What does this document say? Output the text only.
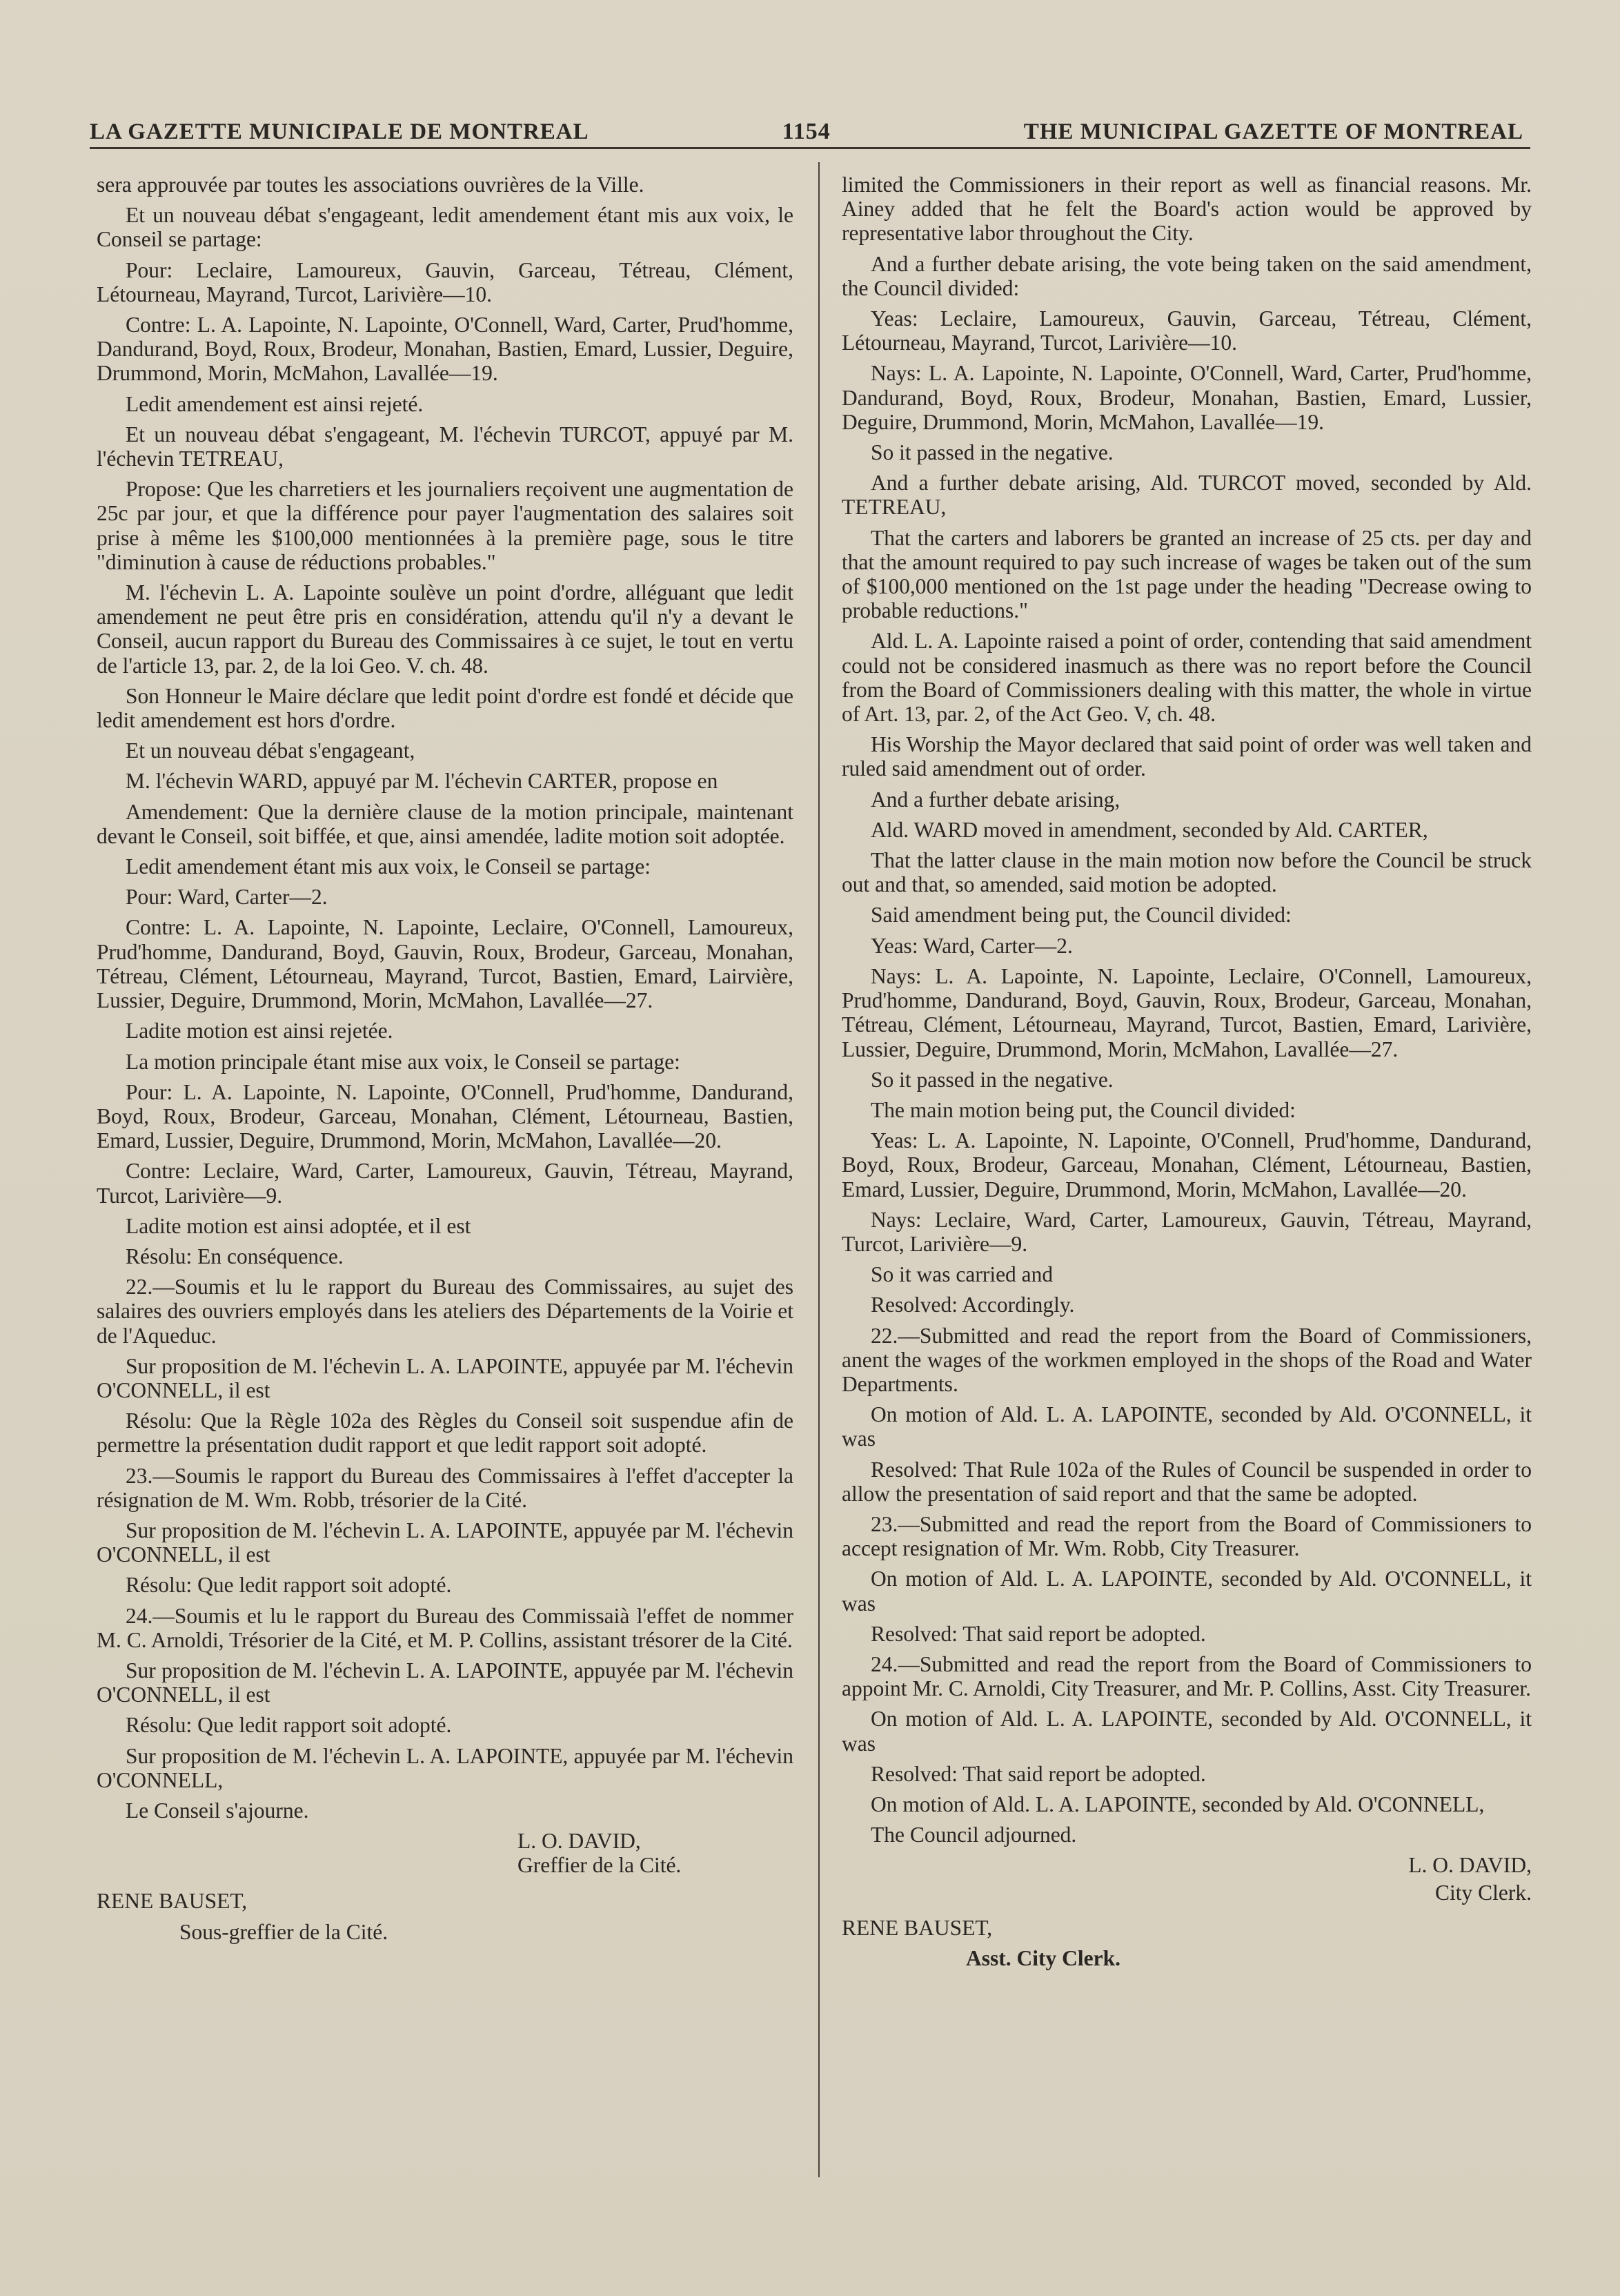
LA GAZETTE MUNICIPALE DE MONTREAL	1154	THE MUNICIPAL GAZETTE OF MONTREAL

sera approuvée par toutes les associations ouvrières de la Ville.

Et un nouveau débat s'engageant, ledit amendement étant mis aux voix, le Conseil se partage:

Pour: Leclaire, Lamoureux, Gauvin, Garceau, Tétreau, Clément, Létourneau, Mayrand, Turcot, Larivière—10.

Contre: L. A. Lapointe, N. Lapointe, O'Connell, Ward, Carter, Prud'homme, Dandurand, Boyd, Roux, Brodeur, Monahan, Bastien, Emard, Lussier, Deguire, Drummond, Morin, McMahon, Lavallée—19.

Ledit amendement est ainsi rejeté.

Et un nouveau débat s'engageant, M. l'échevin TURCOT, appuyé par M. l'échevin TETREAU,

Propose: Que les charretiers et les journaliers reçoivent une augmentation de 25c par jour, et que la différence pour payer l'augmentation des salaires soit prise à même les $100,000 mentionnées à la première page, sous le titre "diminution à cause de réductions probables."

M. l'échevin L. A. Lapointe soulève un point d'ordre, alléguant que ledit amendement ne peut être pris en considération, attendu qu'il n'y a devant le Conseil, aucun rapport du Bureau des Commissaires à ce sujet, le tout en vertu de l'article 13, par. 2, de la loi Geo. V. ch. 48.

Son Honneur le Maire déclare que ledit point d'ordre est fondé et décide que ledit amendement est hors d'ordre.

Et un nouveau débat s'engageant,

M. l'échevin WARD, appuyé par M. l'échevin CARTER, propose en

Amendement: Que la dernière clause de la motion principale, maintenant devant le Conseil, soit biffée, et que, ainsi amendée, ladite motion soit adoptée.

Ledit amendement étant mis aux voix, le Conseil se partage:

Pour: Ward, Carter—2.

Contre: L. A. Lapointe, N. Lapointe, Leclaire, O'Connell, Lamoureux, Prud'homme, Dandurand, Boyd, Gauvin, Roux, Brodeur, Garceau, Monahan, Tétreau, Clément, Létourneau, Mayrand, Turcot, Bastien, Emard, Lairvière, Lussier, Deguire, Drummond, Morin, McMahon, Lavallée—27.

Ladite motion est ainsi rejetée.

La motion principale étant mise aux voix, le Conseil se partage:

Pour: L. A. Lapointe, N. Lapointe, O'Connell, Prud'homme, Dandurand, Boyd, Roux, Brodeur, Garceau, Monahan, Clément, Létourneau, Bastien, Emard, Lussier, Deguire, Drummond, Morin, McMahon, Lavallée—20.

Contre: Leclaire, Ward, Carter, Lamoureux, Gauvin, Tétreau, Mayrand, Turcot, Larivière—9.

Ladite motion est ainsi adoptée, et il est

Résolu: En conséquence.

22.—Soumis et lu le rapport du Bureau des Commissaires, au sujet des salaires des ouvriers employés dans les ateliers des Départements de la Voirie et de l'Aqueduc.

Sur proposition de M. l'échevin L. A. LAPOINTE, appuyée par M. l'échevin O'CONNELL, il est

Résolu: Que la Règle 102a des Règles du Conseil soit suspendue afin de permettre la présentation dudit rapport et que ledit rapport soit adopté.

23.—Soumis le rapport du Bureau des Commissaires à l'effet d'accepter la résignation de M. Wm. Robb, trésorier de la Cité.

Sur proposition de M. l'échevin L. A. LAPOINTE, appuyée par M. l'échevin O'CONNELL, il est

Résolu: Que ledit rapport soit adopté.

24.—Soumis et lu le rapport du Bureau des Commissaià l'effet de nommer M. C. Arnoldi, Trésorier de la Cité, et M. P. Collins, assistant trésorer de la Cité.

Sur proposition de M. l'échevin L. A. LAPOINTE, appuyée par M. l'échevin O'CONNELL, il est

Résolu: Que ledit rapport soit adopté.

Sur proposition de M. l'échevin L. A. LAPOINTE, appuyée par M. l'échevin O'CONNELL,

Le Conseil s'ajourne.

L. O. DAVID,

Greffier de la Cité.

RENE BAUSET,

Sous-greffier de la Cité.

limited the Commissioners in their report as well as financial reasons. Mr. Ainey added that he felt the Board's action would be approved by representative labor throughout the City.

And a further debate arising, the vote being taken on the said amendment, the Council divided:

Yeas: Leclaire, Lamoureux, Gauvin, Garceau, Tétreau, Clément, Létourneau, Mayrand, Turcot, Larivière—10.

Nays: L. A. Lapointe, N. Lapointe, O'Connell, Ward, Carter, Prud'homme, Dandurand, Boyd, Roux, Brodeur, Monahan, Bastien, Emard, Lussier, Deguire, Drummond, Morin, McMahon, Lavallée—19.

So it passed in the negative.

And a further debate arising, Ald. TURCOT moved, seconded by Ald. TETREAU,

That the carters and laborers be granted an increase of 25 cts. per day and that the amount required to pay such increase of wages be taken out of the sum of $100,000 mentioned on the 1st page under the heading "Decrease owing to probable reductions."

Ald. L. A. Lapointe raised a point of order, contending that said amendment could not be considered inasmuch as there was no report before the Council from the Board of Commissioners dealing with this matter, the whole in virtue of Art. 13, par. 2, of the Act Geo. V, ch. 48.

His Worship the Mayor declared that said point of order was well taken and ruled said amendment out of order.

And a further debate arising,

Ald. WARD moved in amendment, seconded by Ald. CARTER,

That the latter clause in the main motion now before the Council be struck out and that, so amended, said motion be adopted.

Said amendment being put, the Council divided:

Yeas: Ward, Carter—2.

Nays: L. A. Lapointe, N. Lapointe, Leclaire, O'Connell, Lamoureux, Prud'homme, Dandurand, Boyd, Gauvin, Roux, Brodeur, Garceau, Monahan, Tétreau, Clément, Létourneau, Mayrand, Turcot, Bastien, Emard, Larivière, Lussier, Deguire, Drummond, Morin, McMahon, Lavallée—27.

So it passed in the negative.

The main motion being put, the Council divided:

Yeas: L. A. Lapointe, N. Lapointe, O'Connell, Prud'homme, Dandurand, Boyd, Roux, Brodeur, Garceau, Monahan, Clément, Létourneau, Bastien, Emard, Lussier, Deguire, Drummond, Morin, McMahon, Lavallée—20.

Nays: Leclaire, Ward, Carter, Lamoureux, Gauvin, Tétreau, Mayrand, Turcot, Larivière—9.

So it was carried and

Resolved: Accordingly.

22.—Submitted and read the report from the Board of Commissioners, anent the wages of the workmen employed in the shops of the Road and Water Departments.

On motion of Ald. L. A. LAPOINTE, seconded by Ald. O'CONNELL, it was

Resolved: That Rule 102a of the Rules of Council be suspended in order to allow the presentation of said report and that the same be adopted.

23.—Submitted and read the report from the Board of Commissioners to accept resignation of Mr. Wm. Robb, City Treasurer.

On motion of Ald. L. A. LAPOINTE, seconded by Ald. O'CONNELL, it was

Resolved: That said report be adopted.

24.—Submitted and read the report from the Board of Commissioners to appoint Mr. C. Arnoldi, City Treasurer, and Mr. P. Collins, Asst. City Treasurer.

On motion of Ald. L. A. LAPOINTE, seconded by Ald. O'CONNELL, it was

Resolved: That said report be adopted.

On motion of Ald. L. A. LAPOINTE, seconded by Ald. O'CONNELL,

The Council adjourned.

L. O. DAVID,

City Clerk.

RENE BAUSET,

Asst. City Clerk.
